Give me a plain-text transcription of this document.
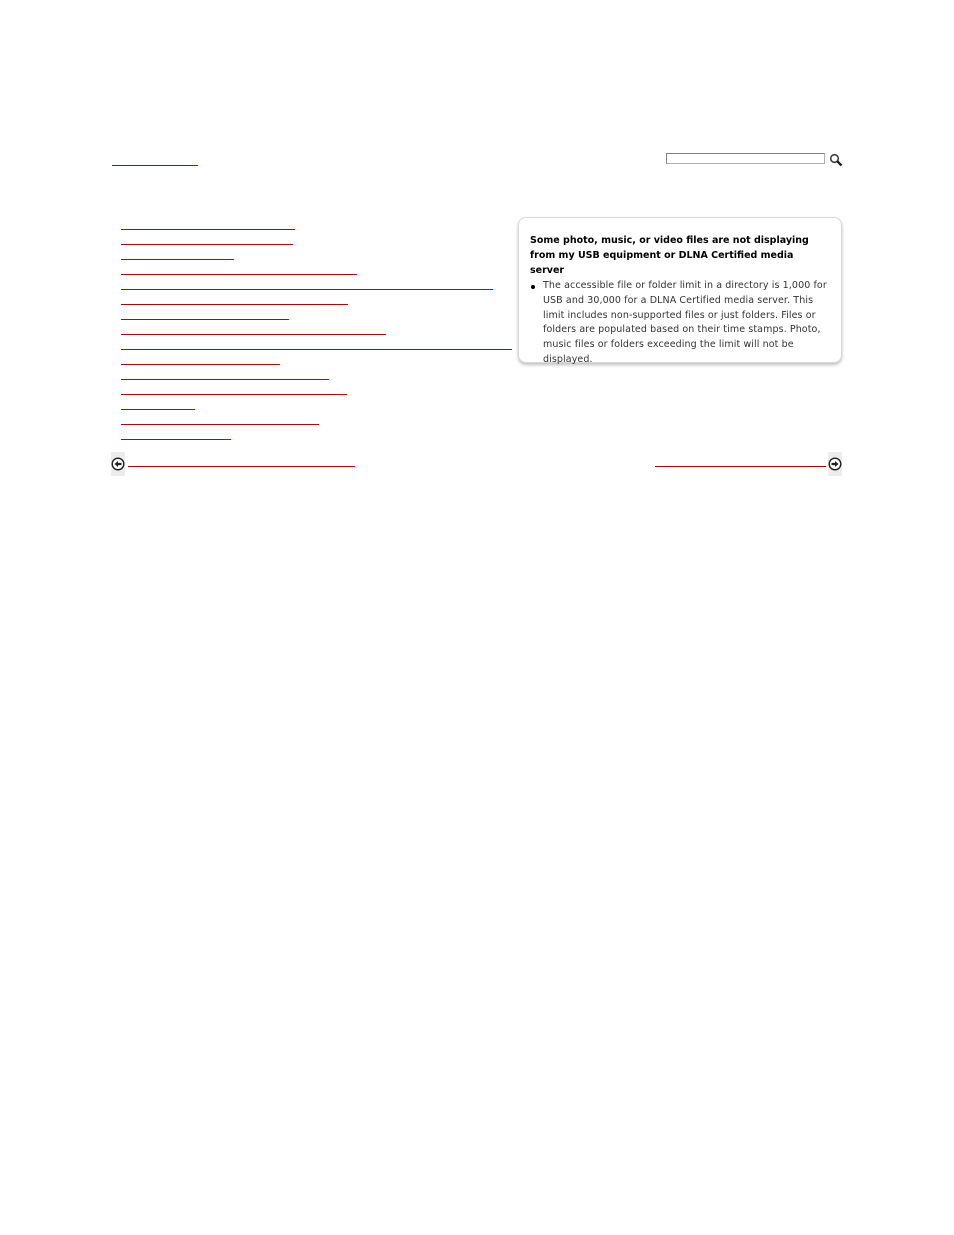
Some photo, music, or video files are not displaying from my USB equipment or DLNA Certified media server
The accessible file or folder limit in a directory is 1,000 for USB and 30,000 for a DLNA Certified media server. This limit includes non-supported files or just folders. Files or folders are populated based on their time stamps. Photo, music files or folders exceeding the limit will not be displayed.
